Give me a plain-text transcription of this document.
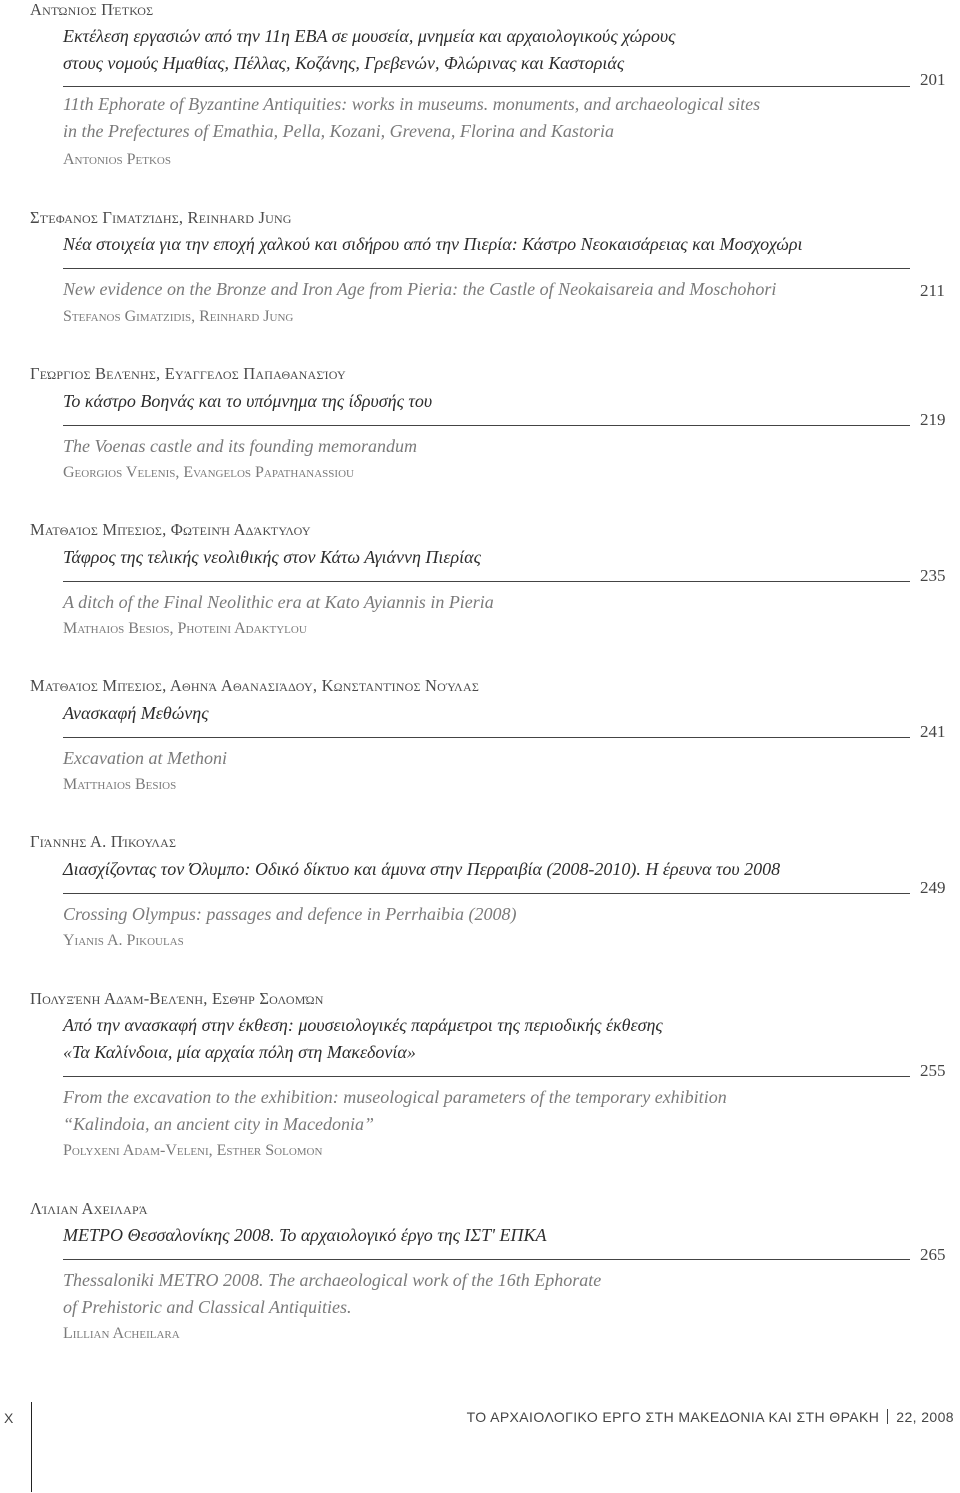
Αντώνιος Πέτκος
Εκτέλεση εργασιών από την 11η ΕΒΑ σε μουσεία, μνημεία και αρχαιολογικούς χώρους
στους νομούς Ημαθίας, Πέλλας, Κοζάνης, Γρεβενών, Φλώρινας και Καστοριάς
201
11th Ephorate of Byzantine Antiquities: works in museums. monuments, and archaeological sites
in the Prefectures of Emathia, Pella, Kozani, Grevena, Florina and Kastoria
Antonios Petkos
Στέφανος Γιματζίδης, Reinhard Jung
Νέα στοιχεία για την εποχή χαλκού και σιδήρου από την Πιερία: Κάστρο Νεοκαισάρειας και Μοσχοχώρι
211
New evidence on the Bronze and Iron Age from Pieria: the Castle of Neokaisareia and Moschohori
Stefanos Gimatzidis, Reinhard Jung
Γεώργιος Βελένης, Ευάγγελος Παπαθανασίου
Το κάστρο Βοηνάς και το υπόμνημα της ίδρυσής του
219
The Voenas castle and its founding memorandum
Georgios Velenis, Evangelos Papathanassiou
Ματθαίος Μπέσιος, Φωτεινή Αδάκτυλου
Τάφρος της τελικής νεολιθικής στον Κάτω Αγιάννη Πιερίας
235
A ditch of the Final Neolithic era at Kato Ayiannis in Pieria
Mathaios Besios, Photeini Adaktylou
Ματθαίος Μπέσιος, Αθηνά Αθανασιάδου, Κωνσταντίνος Νούλας
Ανασκαφή Μεθώνης
241
Excavation at Methoni
Matthaios Besios
Γιάννης Α. Πίκουλας
Διασχίζοντας τον Όλυμπο: Οδικό δίκτυο και άμυνα στην Περραιβία (2008-2010). Η έρευνα του 2008
249
Crossing Olympus: passages and defence in Perrhaibia (2008)
Yianis A. Pikoulas
Πολυξένη Αδάμ-Βελένη, Εσθήρ Σολομών
Από την ανασκαφή στην έκθεση: μουσειολογικές παράμετροι της περιοδικής έκθεσης
«Τα Καλίνδοια, μία αρχαία πόλη στη Μακεδονία»
255
From the excavation to the exhibition: museological parameters of the temporary exhibition
“Kalindoia, an ancient city in Macedonia”
Polyxeni Adam-Veleni, Esther Solomon
Λίλιαν Αχειλαρά
ΜΕΤΡΟ Θεσσαλονίκης 2008. Το αρχαιολογικό έργο της ΙΣΤ' ΕΠΚΑ
265
Thessaloniki METRO 2008. The archaeological work of the 16th Ephorate
of Prehistoric and Classical Antiquities.
Lillian Acheilara
X	ΤΟ ΑΡΧΑΙΟΛΟΓΙΚΟ ΕΡΓΟ ΣΤΗ ΜΑΚΕΔΟΝΙΑ ΚΑΙ ΣΤΗ ΘΡΑΚΗ 22, 2008
